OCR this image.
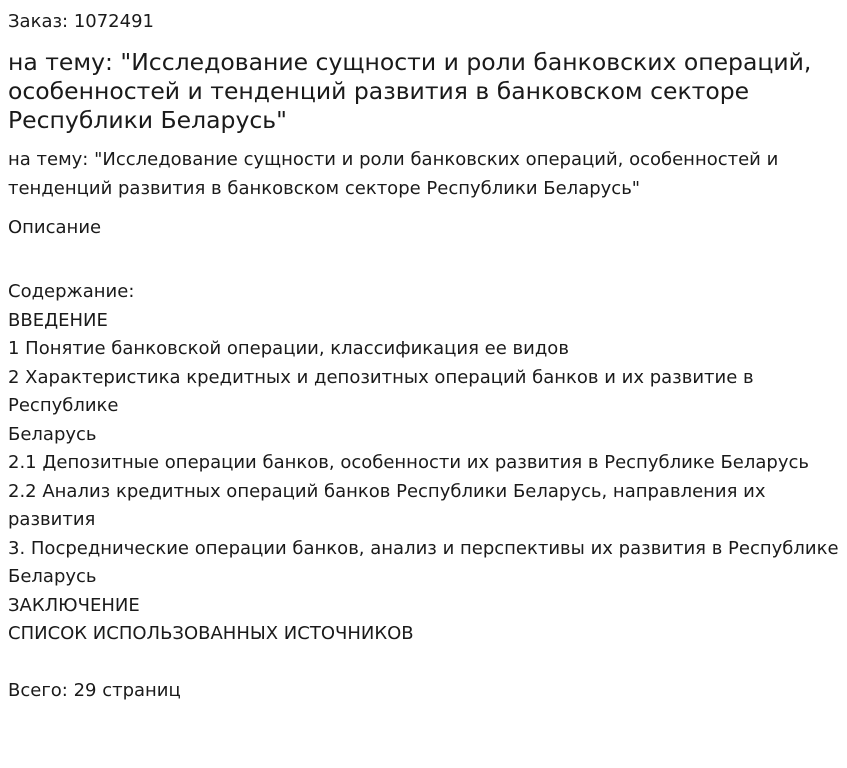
Заказ: 1072491
на тему: "Исследование сущности и роли банковских операций, особенностей и тенденций развития в банковском секторе Республики Беларусь"
на тему: "Исследование сущности и роли банковских операций, особенностей и тенденций развития в банковском секторе Республики Беларусь"
Описание
Содержание:
ВВЕДЕНИЕ
1 Понятие банковской операции, классификация ее видов
2 Характеристика кредитных и депозитных операций банков и их развитие в Республике
Беларусь
2.1 Депозитные операции банков, особенности их развития в Республике Беларусь
2.2 Анализ кредитных операций банков Республики Беларусь, направления их развития
3. Посреднические операции банков, анализ и перспективы их развития в Республике Беларусь
ЗАКЛЮЧЕНИЕ
СПИСОК ИСПОЛЬЗОВАННЫХ ИСТОЧНИКОВ
Всего: 29 страниц
